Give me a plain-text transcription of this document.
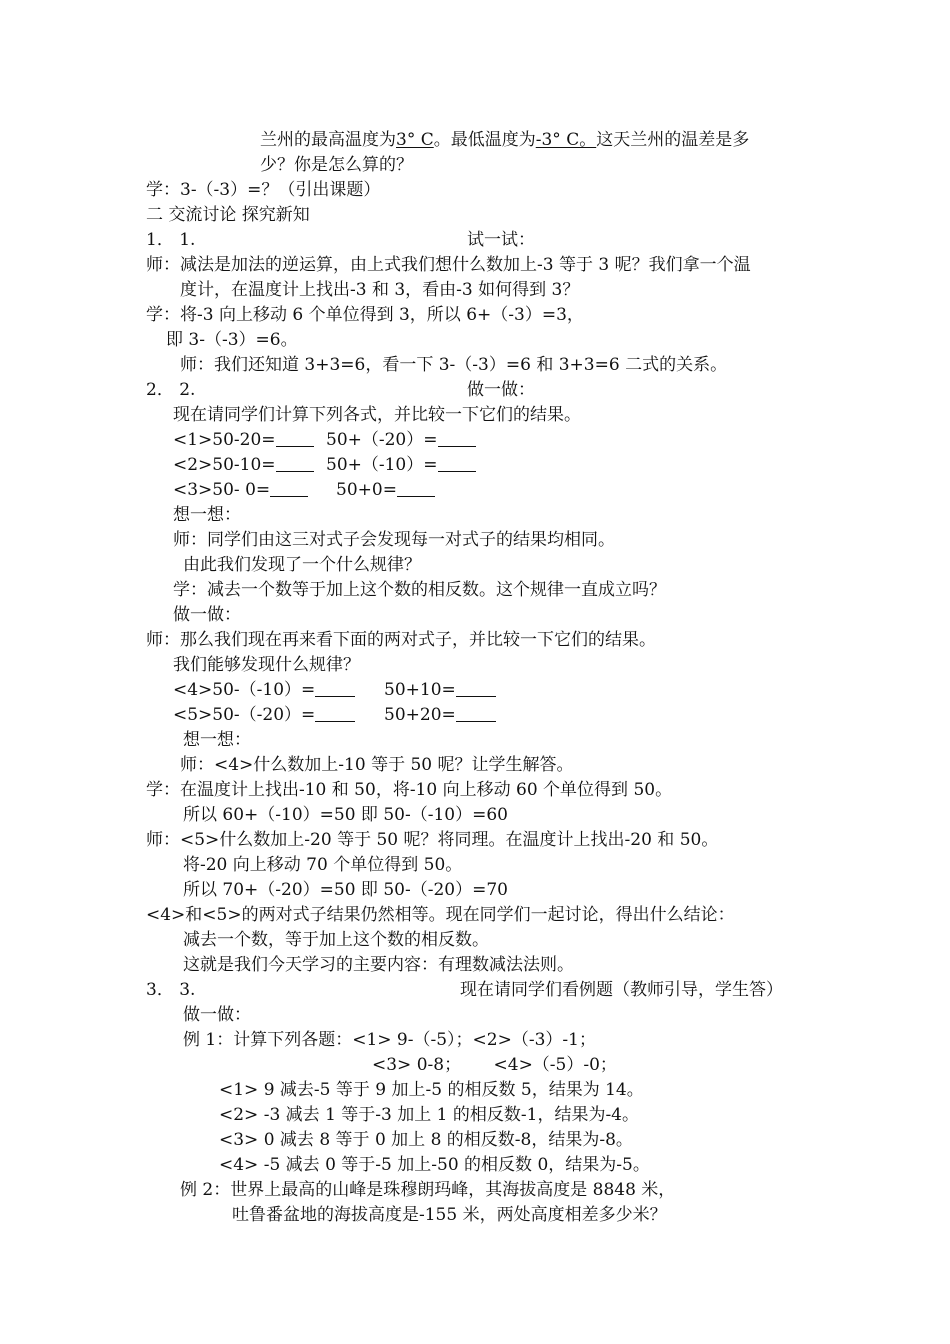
兰州的最高温度为3° C。最低温度为-3° C。这天兰州的温差是多
少？你是怎么算的？
学：3-（-3）=？（引出课题）
二 交流讨论 探究新知
1． 1.	试一试：
师：减法是加法的逆运算，由上式我们想什么数加上-3 等于 3 呢？我们拿一个温
度计，在温度计上找出-3 和 3，看由-3 如何得到 3？
学：将-3 向上移动 6 个单位得到 3，所以 6+（-3）=3，
即 3-（-3）=6。
师：我们还知道 3+3=6，看一下 3-（-3）=6 和 3+3=6 二式的关系。
2． 2.	做一做：
现在请同学们计算下列各式，并比较一下它们的结果。
<1>50-20=	50+（-20）=
<2>50-10=	50+（-10）=
<3>50- 0=	50+0=
想一想：
师：同学们由这三对式子会发现每一对式子的结果均相同。
由此我们发现了一个什么规律？
学：减去一个数等于加上这个数的相反数。这个规律一直成立吗？
做一做：
师：那么我们现在再来看下面的两对式子，并比较一下它们的结果。
我们能够发现什么规律？
<4>50-（-10）=	50+10=
<5>50-（-20）=	50+20=
想一想：
师：<4>什么数加上-10 等于 50 呢？让学生解答。
学：在温度计上找出-10 和 50，将-10 向上移动 60 个单位得到 50。
所以 60+（-10）=50 即 50-（-10）=60
师：<5>什么数加上-20 等于 50 呢？将同理。在温度计上找出-20 和 50。
将-20 向上移动 70 个单位得到 50。
所以 70+（-20）=50 即 50-（-20）=70
<4>和<5>的两对式子结果仍然相等。现在同学们一起讨论，得出什么结论：
减去一个数，等于加上这个数的相反数。
这就是我们今天学习的主要内容：有理数减法法则。
3． 3.	现在请同学们看例题（教师引导，学生答）
做一做：
例 1：计算下列各题：<1> 9-（-5）；<2>（-3）-1；
<3> 0-8；      <4>（-5）-0；
<1> 9 减去-5 等于 9 加上-5 的相反数 5，结果为 14。
<2> -3 减去 1 等于-3 加上 1 的相反数-1，结果为-4。
<3> 0 减去 8 等于 0 加上 8 的相反数-8，结果为-8。
<4> -5 减去 0 等于-5 加上-50 的相反数 0，结果为-5。
例 2：世界上最高的山峰是珠穆朗玛峰，其海拔高度是 8848 米，
吐鲁番盆地的海拔高度是-155 米，两处高度相差多少米？
